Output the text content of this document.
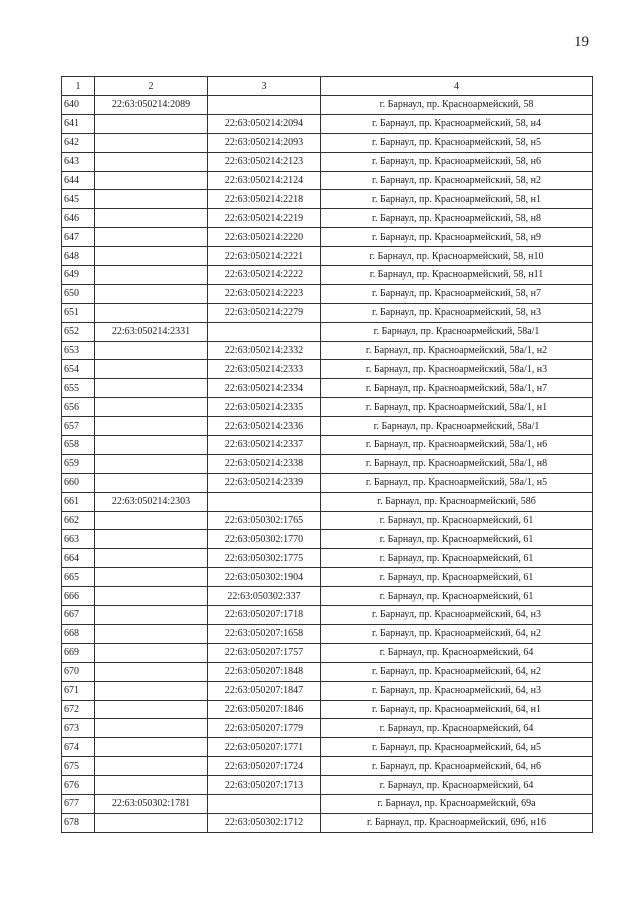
19
1	2	3	4
640	22:63:050214:2089		г. Барнаул, пр. Красноармейский, 58
641		22:63:050214:2094	г. Барнаул, пр. Красноармейский, 58, н4
642		22:63:050214:2093	г. Барнаул, пр. Красноармейский, 58, н5
643		22:63:050214:2123	г. Барнаул, пр. Красноармейский, 58, н6
644		22:63:050214:2124	г. Барнаул, пр. Красноармейский, 58, н2
645		22:63:050214:2218	г. Барнаул, пр. Красноармейский, 58, н1
646		22:63:050214:2219	г. Барнаул, пр. Красноармейский, 58, н8
647		22:63:050214:2220	г. Барнаул, пр. Красноармейский, 58, н9
648		22:63:050214:2221	г. Барнаул, пр. Красноармейский, 58, н10
649		22:63:050214:2222	г. Барнаул, пр. Красноармейский, 58, н11
650		22:63:050214:2223	г. Барнаул, пр. Красноармейский, 58, н7
651		22:63:050214:2279	г. Барнаул, пр. Красноармейский, 58, н3
652	22:63:050214:2331		г. Барнаул, пр. Красноармейский, 58а/1
653		22:63:050214:2332	г. Барнаул, пр. Красноармейский, 58а/1, н2
654		22:63:050214:2333	г. Барнаул, пр. Красноармейский, 58а/1, н3
655		22:63:050214:2334	г. Барнаул, пр. Красноармейский, 58а/1, н7
656		22:63:050214:2335	г. Барнаул, пр. Красноармейский, 58а/1, н1
657		22:63:050214:2336	г. Барнаул, пр. Красноармейский, 58а/1
658		22:63:050214:2337	г. Барнаул, пр. Красноармейский, 58а/1, н6
659		22:63:050214:2338	г. Барнаул, пр. Красноармейский, 58а/1, н8
660		22:63:050214:2339	г. Барнаул, пр. Красноармейский, 58а/1, н5
661	22:63:050214:2303		г. Барнаул, пр. Красноармейский, 58б
662		22:63:050302:1765	г. Барнаул, пр. Красноармейский, 61
663		22:63:050302:1770	г. Барнаул, пр. Красноармейский, 61
664		22:63:050302:1775	г. Барнаул, пр. Красноармейский, 61
665		22:63:050302:1904	г. Барнаул, пр. Красноармейский, 61
666		22:63:050302:337	г. Барнаул, пр. Красноармейский, 61
667		22:63:050207:1718	г. Барнаул, пр. Красноармейский, 64, н3
668		22:63:050207:1658	г. Барнаул, пр. Красноармейский, 64, н2
669		22:63:050207:1757	г. Барнаул, пр. Красноармейский, 64
670		22:63:050207:1848	г. Барнаул, пр. Красноармейский, 64, н2
671		22:63:050207:1847	г. Барнаул, пр. Красноармейский, 64, н3
672		22:63:050207:1846	г. Барнаул, пр. Красноармейский, 64, н1
673		22:63:050207:1779	г. Барнаул, пр. Красноармейский, 64
674		22:63:050207:1771	г. Барнаул, пр. Красноармейский, 64, н5
675		22:63:050207:1724	г. Барнаул, пр. Красноармейский, 64, н6
676		22:63:050207:1713	г. Барнаул, пр. Красноармейский, 64
677	22:63:050302:1781		г. Барнаул, пр. Красноармейский, 69а
678		22:63:050302:1712	г. Барнаул, пр. Красноармейский, 69б, н16
